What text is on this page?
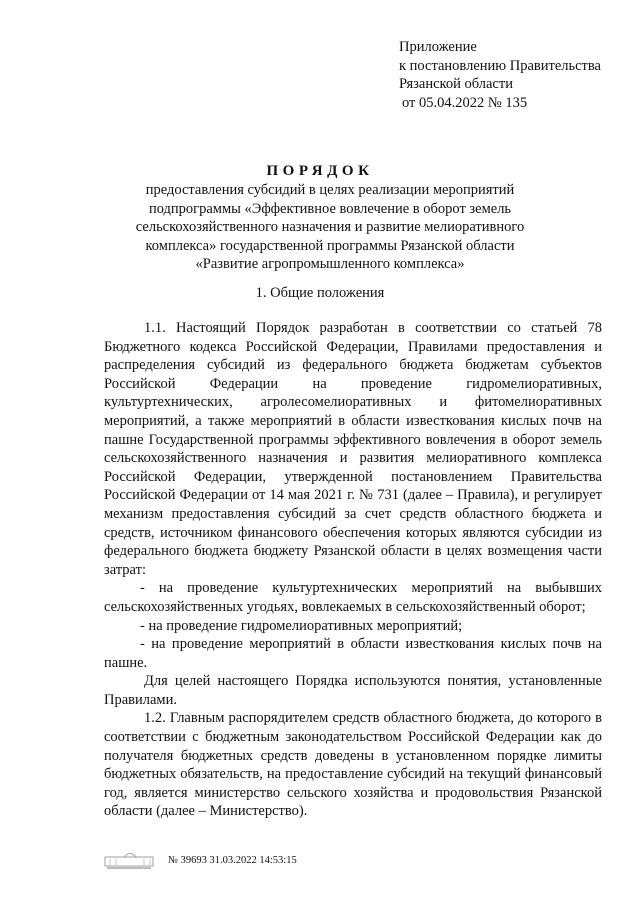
Приложение
к постановлению Правительства
Рязанской области
от 05.04.2022 № 135
ПОРЯДОК
предоставления субсидий в целях реализации мероприятий
подпрограммы «Эффективное вовлечение в оборот земель
сельскохозяйственного назначения и развитие мелиоративного
комплекса» государственной программы Рязанской области
«Развитие агропромышленного комплекса»
1. Общие положения

1.1. Настоящий Порядок разработан в соответствии со статьей 78 Бюджетного кодекса Российской Федерации, Правилами предоставления и распределения субсидий из федерального бюджета бюджетам субъектов Российской Федерации на проведение гидромелиоративных, культуртехнических, агролесомелиоративных и фитомелиоративных мероприятий, а также мероприятий в области известкования кислых почв на пашне Государственной программы эффективного вовлечения в оборот земель сельскохозяйственного назначения и развития мелиоративного комплекса Российской Федерации, утвержденной постановлением Правительства Российской Федерации от 14 мая 2021 г. № 731 (далее – Правила), и регулирует механизм предоставления субсидий за счет средств областного бюджета и средств, источником финансового обеспечения которых являются субсидии из федерального бюджета бюджету Рязанской области в целях возмещения части затрат:

- на проведение культуртехнических мероприятий на выбывших сельскохозяйственных угодьях, вовлекаемых в сельскохозяйственный оборот;

- на проведение гидромелиоративных мероприятий;

- на проведение мероприятий в области известкования кислых почв на пашне.

Для целей настоящего Порядка используются понятия, установленные Правилами.

1.2. Главным распорядителем средств областного бюджета, до которого в соответствии с бюджетным законодательством Российской Федерации как до получателя бюджетных средств доведены в установленном порядке лимиты бюджетных обязательств, на предоставление субсидий на текущий финансовый год, является министерство сельского хозяйства и продовольствия Рязанской области (далее – Министерство).

№ 39693 31.03.2022 14:53:15
